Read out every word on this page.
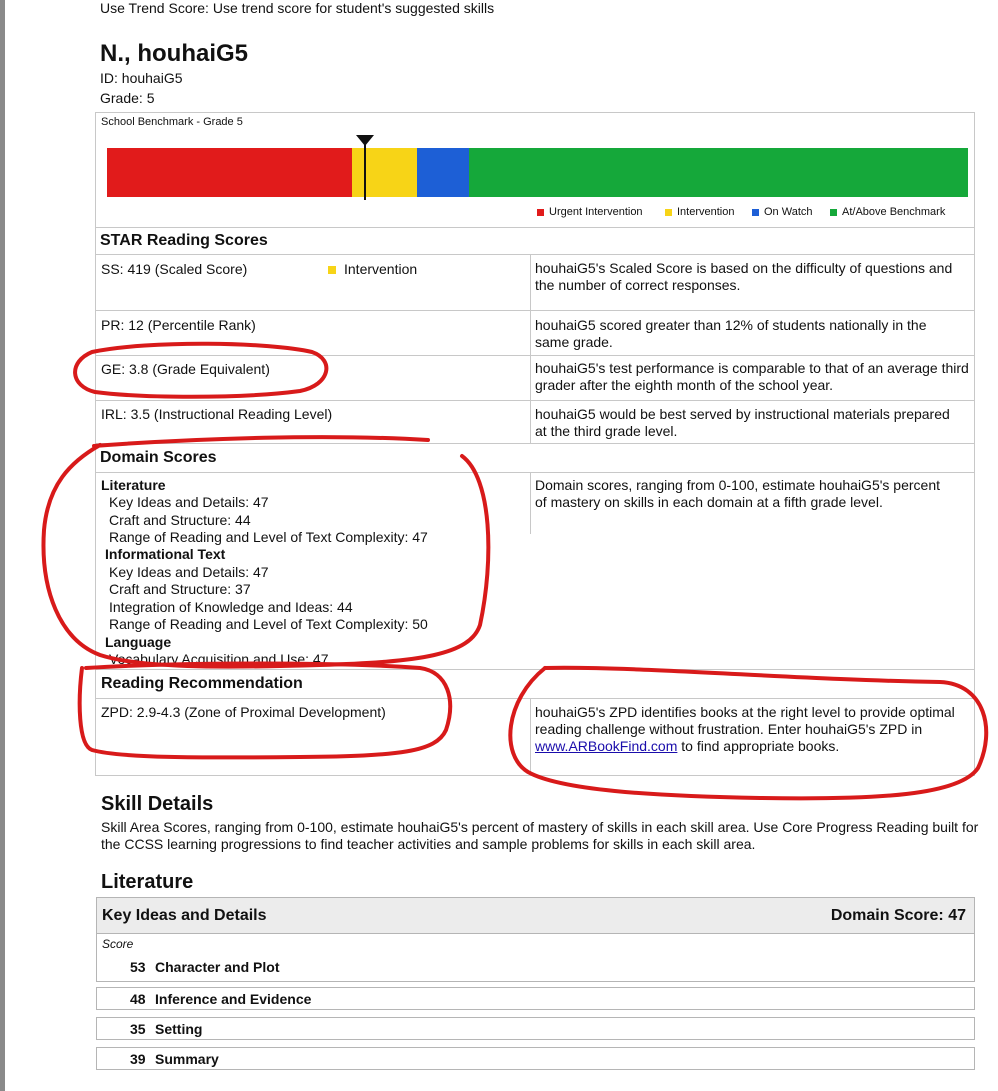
Use Trend Score: Use trend score for student's suggested skills
N., houhaiG5
ID: houhaiG5
Grade: 5
School Benchmark - Grade 5
Urgent Intervention	Intervention	On Watch	At/Above Benchmark
STAR Reading Scores
SS: 419 (Scaled Score)	Intervention	houhaiG5's Scaled Score is based on the difficulty of questions and the number of correct responses.
PR: 12 (Percentile Rank)	houhaiG5 scored greater than 12% of students nationally in the same grade.
GE: 3.8 (Grade Equivalent)	houhaiG5's test performance is comparable to that of an average third grader after the eighth month of the school year.
IRL: 3.5 (Instructional Reading Level)	houhaiG5 would be best served by instructional materials prepared at the third grade level.
Domain Scores
Domain scores, ranging from 0-100, estimate houhaiG5's percent of mastery on skills in each domain at a fifth grade level.
Literature
Key Ideas and Details: 47
Craft and Structure: 44
Range of Reading and Level of Text Complexity: 47
Informational Text
Key Ideas and Details: 47
Craft and Structure: 37
Integration of Knowledge and Ideas: 44
Range of Reading and Level of Text Complexity: 50
Language
Vocabulary Acquisition and Use: 47
Reading Recommendation
ZPD: 2.9-4.3 (Zone of Proximal Development)	houhaiG5's ZPD identifies books at the right level to provide optimal reading challenge without frustration. Enter houhaiG5's ZPD in www.ARBookFind.com to find appropriate books.
Skill Details
Skill Area Scores, ranging from 0-100, estimate houhaiG5's percent of mastery of skills in each skill area. Use Core Progress Reading built for the CCSS learning progressions to find teacher activities and sample problems for skills in each skill area.
Literature
Key Ideas and Details	Domain Score: 47
Score
53 Character and Plot
48 Inference and Evidence
35 Setting
39 Summary
